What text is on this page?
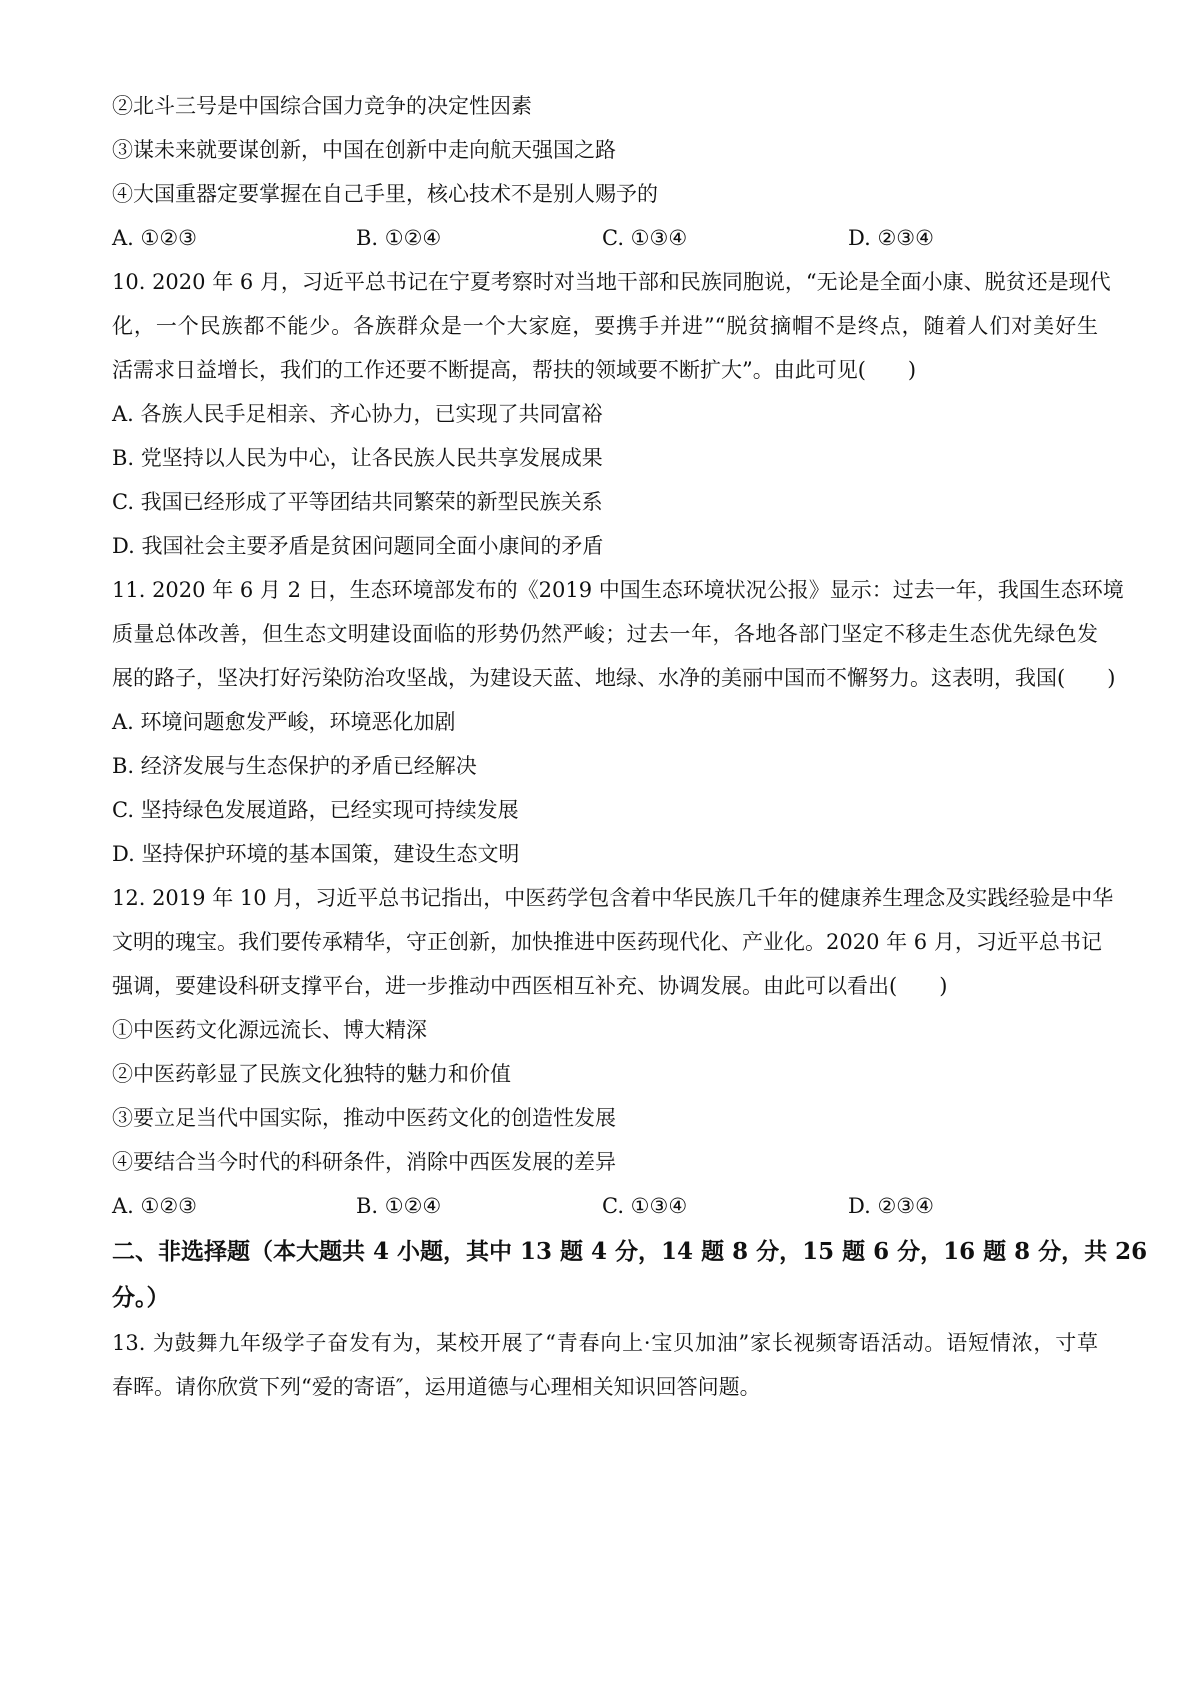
②北斗三号是中国综合国力竞争的决定性因素
③谋未来就要谋创新，中国在创新中走向航天强国之路
④大国重器定要掌握在自己手里，核心技术不是别人赐予的
A. ①②③	B. ①②④	C. ①③④	D. ②③④
10. 2020 年 6 月，习近平总书记在宁夏考察时对当地干部和民族同胞说，“无论是全面小康、脱贫还是现代
化，一个民族都不能少。各族群众是一个大家庭，要携手并进”“脱贫摘帽不是终点，随着人们对美好生
活需求日益增长，我们的工作还要不断提高，帮扶的领域要不断扩大”。由此可见(　　)
A. 各族人民手足相亲、齐心协力，已实现了共同富裕
B. 党坚持以人民为中心，让各民族人民共享发展成果
C. 我国已经形成了平等团结共同繁荣的新型民族关系
D. 我国社会主要矛盾是贫困问题同全面小康间的矛盾
11. 2020 年 6 月 2 日，生态环境部发布的《2019 中国生态环境状况公报》显示：过去一年，我国生态环境
质量总体改善，但生态文明建设面临的形势仍然严峻；过去一年，各地各部门坚定不移走生态优先绿色发
展的路子，坚决打好污染防治攻坚战，为建设天蓝、地绿、水净的美丽中国而不懈努力。这表明，我国(　　)
A. 环境问题愈发严峻，环境恶化加剧
B. 经济发展与生态保护的矛盾已经解决
C. 坚持绿色发展道路，已经实现可持续发展
D. 坚持保护环境的基本国策，建设生态文明
12. 2019 年 10 月，习近平总书记指出，中医药学包含着中华民族几千年的健康养生理念及实践经验是中华
文明的瑰宝。我们要传承精华，守正创新，加快推进中医药现代化、产业化。2020 年 6 月，习近平总书记
强调，要建设科研支撑平台，进一步推动中西医相互补充、协调发展。由此可以看出(　　)
①中医药文化源远流长、博大精深
②中医药彰显了民族文化独特的魅力和价值
③要立足当代中国实际，推动中医药文化的创造性发展
④要结合当今时代的科研条件，消除中西医发展的差异
A. ①②③	B. ①②④	C. ①③④	D. ②③④
二、非选择题（本大题共 4 小题，其中 13 题 4 分，14 题 8 分，15 题 6 分，16 题 8 分，共 26
分。）
13. 为鼓舞九年级学子奋发有为，某校开展了“青春向上·宝贝加油”家长视频寄语活动。语短情浓，寸草
春晖。请你欣赏下列“爱的寄语″，运用道德与心理相关知识回答问题。
